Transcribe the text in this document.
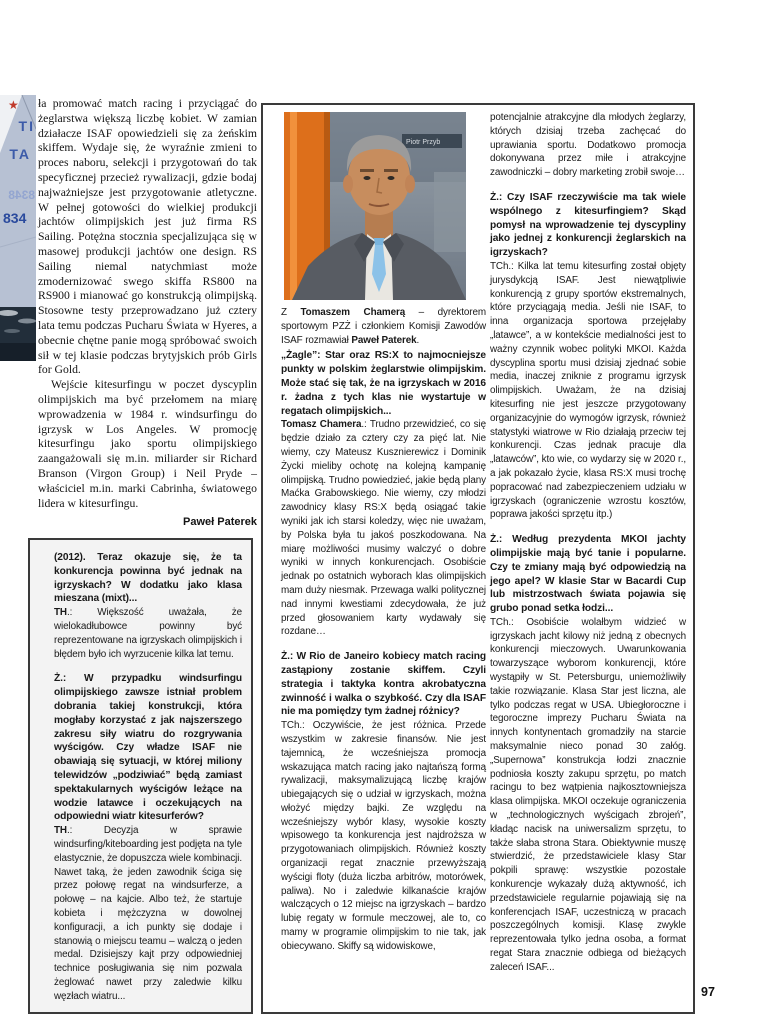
★
TI
TA
8348
834
ła promować match racing i przyciągać do żeglarstwa większą liczbę kobiet. W zamian działacze ISAF opowiedzieli się za żeńskim skiffem. Wydaje się, że wyraźnie zmieni to proces naboru, selekcji i przygotowań do tak specyficznej przecież rywalizacji, gdzie bodaj najważniejsze jest przygotowanie atletyczne. W pełnej gotowości do wielkiej produkcji jachtów olimpijskich jest już firma RS Sailing. Potężna stocznia specjalizująca się w masowej produkcji jachtów one design. RS Sailing niemal natychmiast może zmodernizować swego skiffa RS800 na RS900 i mianować go konstrukcją olimpijską. Stosowne testy przeprowadzano już cztery lata temu podczas Pucharu Świata w Hyeres, a obecnie chętne panie mogą spróbować swoich sił w tej klasie podczas brytyjskich prób Girls for Gold.
Wejście kitesurfingu w poczet dyscyplin olimpijskich ma być przełomem na miarę wprowadzenia w 1984 r. windsurfingu do igrzysk w Los Angeles. W promocję kitesurfingu jako sportu olimpijskiego zaangażowali się m.in. miliarder sir Richard Branson (Virgon Group) i Neil Pryde – właściciel m.in. marki Cabrinha, światowego lidera w kitesurfingu.
Paweł Paterek
(2012). Teraz okazuje się, że ta konkurencja powinna być jednak na igrzyskach? W dodatku jako klasa mieszana (mixt)...
TH.: Większość uważała, że wielokadłubowce powinny być reprezentowane na igrzyskach olimpijskich i błędem było ich wyrzucenie kilka lat temu.
Ż.: W przypadku windsurfingu olimpijskiego zawsze istniał problem dobrania takiej konstrukcji, która mogłaby korzystać z jak najszerszego zakresu siły wiatru do rozgrywania wyścigów. Czy władze ISAF nie obawiają się sytuacji, w której miliony telewidzów „podziwiać” będą zamiast spektakularnych wyścigów leżące na wodzie latawce i oczekujących na odpowiedni wiatr kitesurferów?
TH.: Decyzja w sprawie windsurfing/kiteboarding jest podjęta na tyle elastycznie, że dopuszcza wiele kombinacji. Nawet taką, że jeden zawodnik ściga się przez połowę regat na windsurferze, a połowę – na kajcie. Albo też, że startuje kobieta i mężczyzna w dowolnej konfiguracji, a ich punkty się dodaje i stanowią o miejscu teamu – walczą o jeden medal. Dzisiejszy kajt przy odpowiedniej technice posługiwania się nim pozwala żeglować nawet przy zaledwie kilku węzłach wiatru...
Piotr Przyb
Z Tomaszem Chamerą – dyrektorem sportowym PZŻ i członkiem Komisji Zawodów ISAF rozmawiał Paweł Paterek.
„Żagle”: Star oraz RS:X to najmocniejsze punkty w polskim żeglarstwie olimpijskim. Może stać się tak, że na igrzyskach w 2016 r. żadna z tych klas nie wystartuje w regatach olimpijskich...
Tomasz Chamera.: Trudno przewidzieć, co się będzie działo za cztery czy za pięć lat. Nie wiemy, czy Mateusz Kusznierewicz i Dominik Życki mieliby ochotę na kolejną kampanię olimpijską. Trudno powiedzieć, jakie będą plany Maćka Grabowskiego. Nie wiemy, czy młodzi zawodnicy klasy RS:X będą osiągać takie wyniki jak ich starsi koledzy, więc nie uważam, by Polska była tu jakoś poszkodowana. Na miarę możliwości musimy walczyć o dobre wyniki w innych konkurencjach. Osobiście jednak po ostatnich wyborach klas olimpijskich mam duży niesmak. Przewaga walki politycznej nad innymi kwestiami zdecydowała, że już przed głosowaniem karty wydawały się rozdane…
Ż.: W Rio de Janeiro kobiecy match racing zastąpiony zostanie skiffem. Czyli strategia i taktyka kontra akrobatyczna zwinność i walka o szybkość. Czy dla ISAF nie ma pomiędzy tym żadnej różnicy?
TCh.: Oczywiście, że jest różnica. Przede wszystkim w zakresie finansów. Nie jest tajemnicą, że wcześniejsza promocja wskazująca match racing jako najtańszą formą rywalizacji, maksymalizującą liczbę krajów ubiegających się o udział w igrzyskach, można włożyć między bajki. Ze względu na wcześniejszy wybór klasy, wysokie koszty wpisowego ta konkurencja jest najdroższa w przygotowaniach olimpijskich. Również koszty organizacji regat znacznie przewyższają wyścigi floty (duża liczba arbitrów, motorówek, paliwa). No i zaledwie kilkanaście krajów walczących o 12 miejsc na igrzyskach – bardzo lubię regaty w formule meczowej, ale to, co mamy w programie olimpijskim to nie tak, jak obiecywano. Skiffy są widowiskowe,
potencjalnie atrakcyjne dla młodych żeglarzy, których dzisiaj trzeba zachęcać do uprawiania sportu. Dodatkowo promocja dokonywana przez miłe i atrakcyjne zawodniczki – dobry marketing zrobił swoje…
Ż.: Czy ISAF rzeczywiście ma tak wiele wspólnego z kitesurfingiem? Skąd pomysł na wprowadzenie tej dyscypliny jako jednej z konkurencji żeglarskich na igrzyskach?
TCh.: Kilka lat temu kitesurfing został objęty jurysdykcją ISAF. Jest niewątpliwie konkurencją z grupy sportów ekstremalnych, które przyciągają media. Jeśli nie ISAF, to inna organizacja sportowa przejęłaby „latawce”, a w kontekście medialności jest to ważny czynnik wobec polityki MKOI. Każda dyscyplina sportu musi dzisiaj zjednać sobie media, inaczej zniknie z programu igrzysk olimpijskich. Uważam, że na dzisiaj kitesurfing nie jest jeszcze przygotowany organizacyjnie do wymogów igrzysk, również statystyki wiatrowe w Rio działają przeciw tej konkurencji. Czas jednak pracuje dla „latawców”, kto wie, co wydarzy się w 2020 r., a jak pokazało życie, klasa RS:X musi trochę popracować nad zabezpieczeniem udziału w igrzyskach (ograniczenie wzrostu kosztów, poprawa jakości sprzętu itp.)
Ż.: Według prezydenta MKOI jachty olimpijskie mają być tanie i popularne. Czy te zmiany mają być odpowiedzią na jego apel? W klasie Star w Bacardi Cup lub mistrzostwach świata pojawia się grubo ponad setka łodzi...
TCh.: Osobiście wolałbym widzieć w igrzyskach jacht kilowy niż jedną z obecnych konkurencji mieczowych. Uwarunkowania towarzyszące wyborom konkurencji, które wystąpiły w St. Petersburgu, uniemożliwiły takie rozwiązanie. Klasa Star jest liczna, ale tylko podczas regat w USA. Ubiegłoroczne i tegoroczne imprezy Pucharu Świata na innych kontynentach gromadziły na starcie maksymalnie nieco ponad 30 załóg. „Supernowa” konstrukcja łodzi znacznie podniosła koszty zakupu sprzętu, po match racingu to bez wątpienia najkosztowniejsza klasa olimpijska. MKOI oczekuje ograniczenia w „technologicznych wyścigach zbrojeń”, kładąc nacisk na uniwersalizm sprzętu, to także słaba strona Stara. Obiektywnie muszę stwierdzić, że przedstawiciele klasy Star pokpili sprawę: wszystkie pozostałe konkurencje wykazały dużą aktywność, ich przedstawiciele regularnie pojawiają się na konferencjach ISAF, uczestniczą w pracach poszczególnych komisji. Klasę zwykle reprezentowała tylko jedna osoba, a format regat Stara znacznie odbiega od bieżących zaleceń ISAF...
97
